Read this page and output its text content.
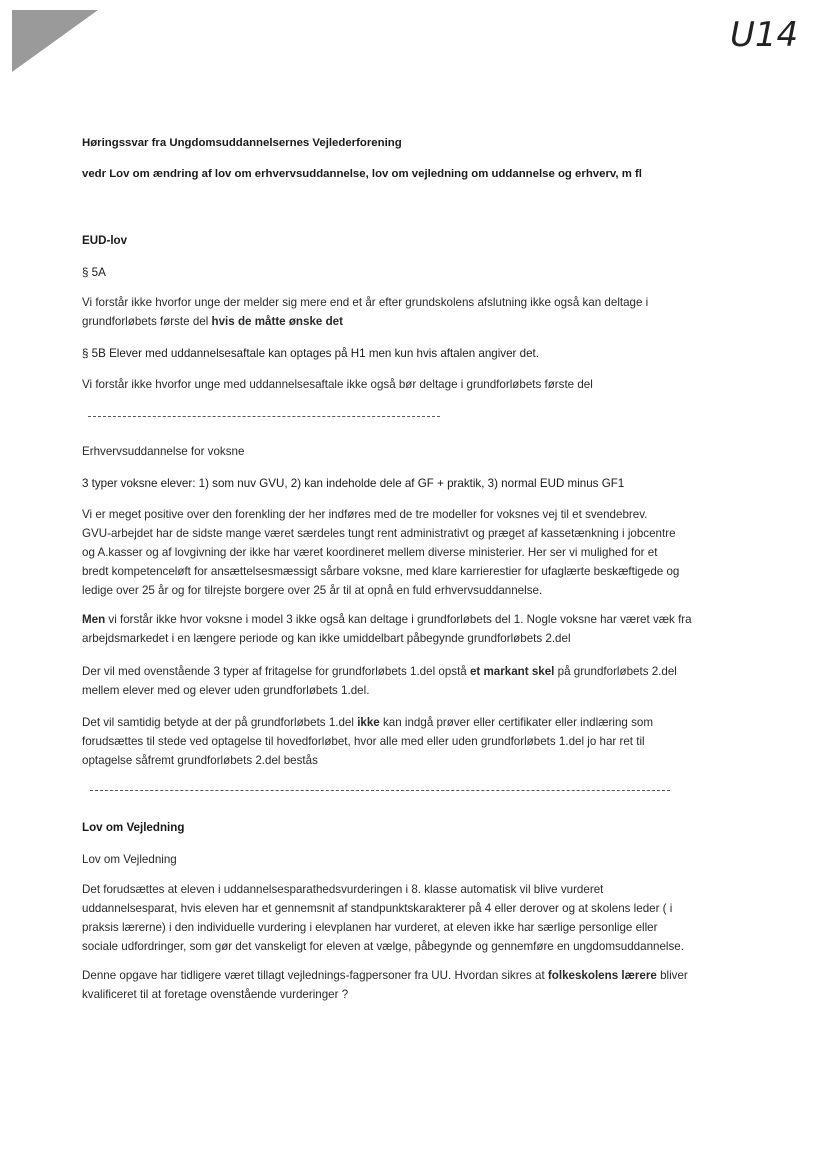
U14

Høringssvar fra Ungdomsuddannelsernes Vejlederforening

vedr Lov om ændring af lov om erhvervsuddannelse, lov om vejledning om uddannelse og erhverv, m fl

EUD-lov

§ 5A

Vi forstår ikke hvorfor unge der melder sig mere end et år efter grundskolens afslutning ikke også kan deltage i

grundforløbets første del hvis de måtte ønske det

§ 5B Elever med uddannelsesaftale kan optages på H1 men kun hvis aftalen angiver det.

Vi forstår ikke hvorfor unge med uddannelsesaftale ikke også bør deltage i grundforløbets første del

Erhvervsuddannelse for voksne

3 typer voksne elever: 1) som nuv GVU, 2) kan indeholde dele af GF + praktik, 3) normal EUD minus GF1

Vi er meget positive over den forenkling der her indføres med de tre modeller for voksnes vej til et svendebrev.

GVU-arbejdet har de sidste mange været særdeles tungt rent administrativt og præget af kassetænkning i jobcentre

og A.kasser og af lovgivning der ikke har været koordineret mellem diverse ministerier. Her ser vi mulighed for et

bredt kompetenceløft for ansættelsesmæssigt sårbare voksne, med klare karrierestier for ufaglærte beskæftigede og

ledige over 25 år og for tilrejste borgere over 25 år til at opnå en fuld erhvervsuddannelse.

Men vi forstår ikke hvor voksne i model 3 ikke også kan deltage i grundforløbets del 1. Nogle voksne har været væk fra

arbejdsmarkedet i en længere periode og kan ikke umiddelbart påbegynde grundforløbets 2.del

Der vil med ovenstående 3 typer af fritagelse for grundforløbets 1.del opstå et markant skel på grundforløbets 2.del

mellem elever med og elever uden grundforløbets 1.del.

Det vil samtidig betyde at der på grundforløbets 1.del ikke kan indgå prøver eller certifikater eller indlæring som

forudsættes til stede ved optagelse til hovedforløbet, hvor alle med eller uden grundforløbets 1.del jo har ret til

optagelse såfremt grundforløbets 2.del bestås

Lov om Vejledning

Lov om Vejledning

Det forudsættes at eleven i uddannelsesparathedsvurderingen i 8. klasse automatisk vil blive vurderet

uddannelsesparat, hvis eleven har et gennemsnit af standpunktskarakterer på 4 eller derover og at skolens leder ( i

praksis lærerne) i den individuelle vurdering i elevplanen har vurderet, at eleven ikke har særlige personlige eller

sociale udfordringer, som gør det vanskeligt for eleven at vælge, påbegynde og gennemføre en ungdomsuddannelse.

Denne opgave har tidligere været tillagt vejlednings-fagpersoner fra UU. Hvordan sikres at folkeskolens lærere bliver

kvalificeret til at foretage ovenstående vurderinger ?
